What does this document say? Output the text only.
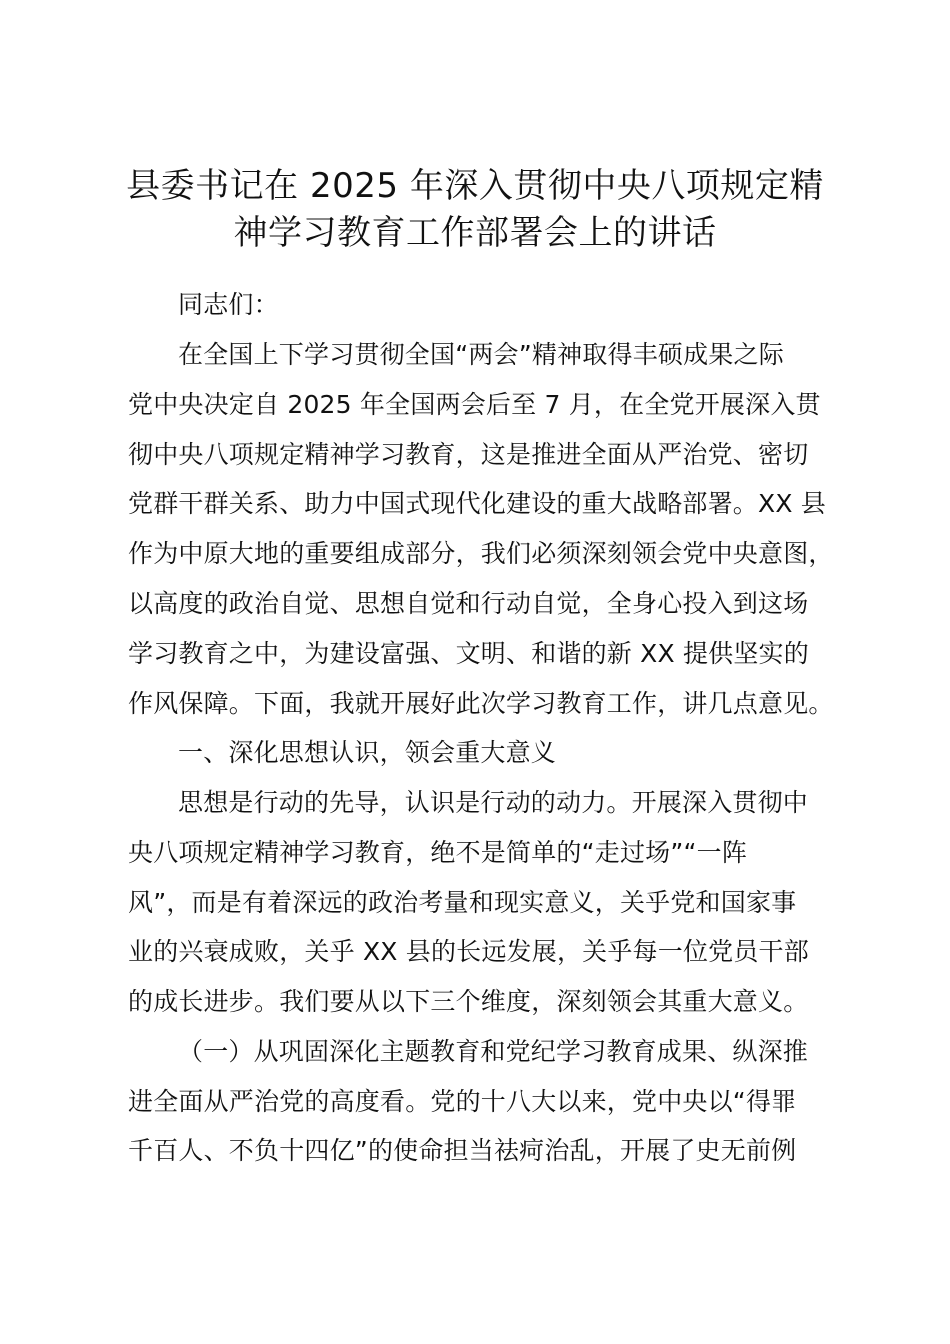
县委书记在 2025 年深入贯彻中央八项规定精
神学习教育工作部署会上的讲话
同志们：
在全国上下学习贯彻全国“两会”精神取得丰硕成果之际
党中央决定自 2025 年全国两会后至 7 月，在全党开展深入贯
彻中央八项规定精神学习教育，这是推进全面从严治党、密切
党群干群关系、助力中国式现代化建设的重大战略部署。XX 县
作为中原大地的重要组成部分，我们必须深刻领会党中央意图，
以高度的政治自觉、思想自觉和行动自觉，全身心投入到这场
学习教育之中，为建设富强、文明、和谐的新 XX 提供坚实的
作风保障。下面，我就开展好此次学习教育工作，讲几点意见。
一、深化思想认识，领会重大意义
思想是行动的先导，认识是行动的动力。开展深入贯彻中
央八项规定精神学习教育，绝不是简单的“走过场”“一阵
风”，而是有着深远的政治考量和现实意义，关乎党和国家事
业的兴衰成败，关乎 XX 县的长远发展，关乎每一位党员干部
的成长进步。我们要从以下三个维度，深刻领会其重大意义。
（一）从巩固深化主题教育和党纪学习教育成果、纵深推
进全面从严治党的高度看。党的十八大以来，党中央以“得罪
千百人、不负十四亿”的使命担当祛疴治乱，开展了史无前例
